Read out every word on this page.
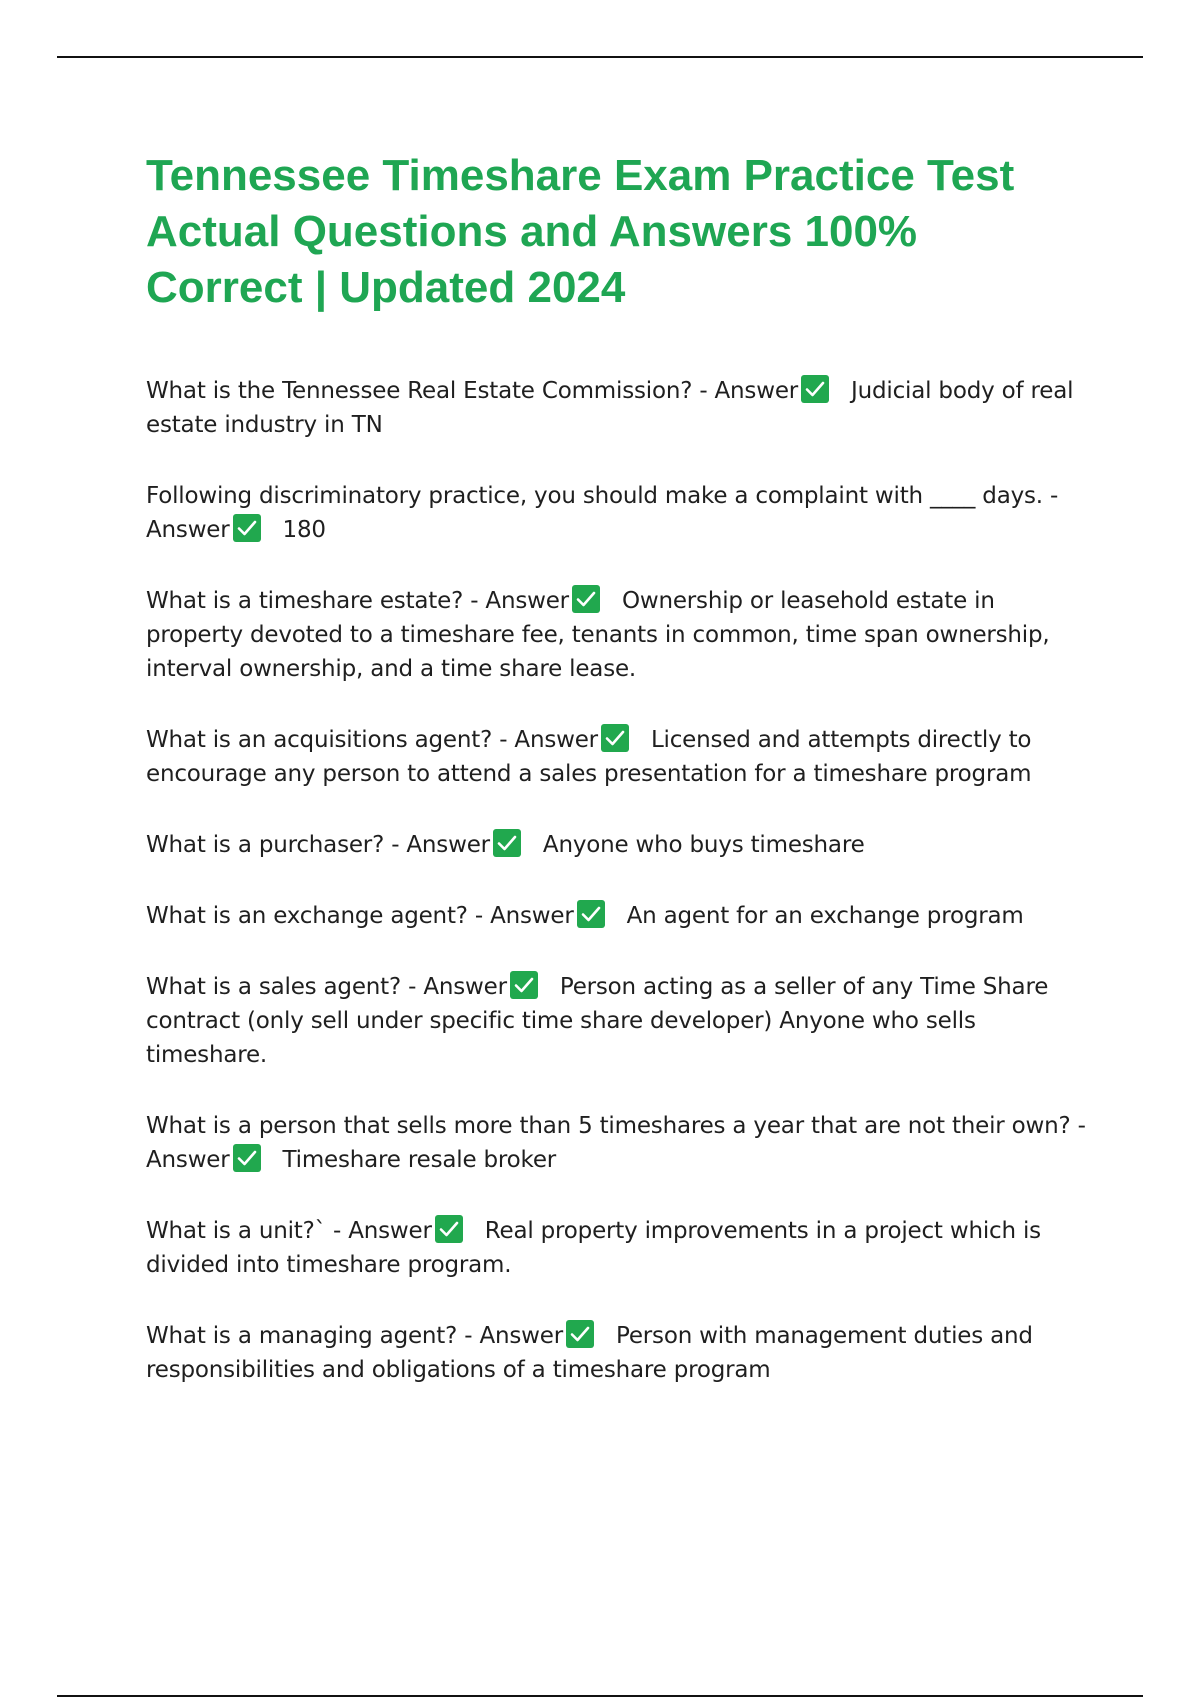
Tennessee Timeshare Exam Practice Test Actual Questions and Answers 100% Correct | Updated 2024
What is the Tennessee Real Estate Commission? - Answer Judicial body of real estate industry in TN
Following discriminatory practice, you should make a complaint with ____ days. - Answer 180
What is a timeshare estate? - Answer Ownership or leasehold estate in property devoted to a timeshare fee, tenants in common, time span ownership, interval ownership, and a time share lease.
What is an acquisitions agent? - Answer Licensed and attempts directly to encourage any person to attend a sales presentation for a timeshare program
What is a purchaser? - Answer Anyone who buys timeshare
What is an exchange agent? - Answer An agent for an exchange program
What is a sales agent? - Answer Person acting as a seller of any Time Share contract (only sell under specific time share developer) Anyone who sells timeshare.
What is a person that sells more than 5 timeshares a year that are not their own? - Answer Timeshare resale broker
What is a unit?` - Answer Real property improvements in a project which is divided into timeshare program.
What is a managing agent? - Answer Person with management duties and responsibilities and obligations of a timeshare program
